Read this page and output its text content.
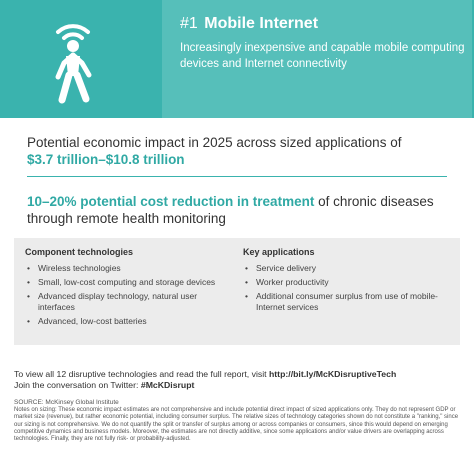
#1 Mobile Internet
Increasingly inexpensive and capable mobile computing devices and Internet connectivity
Potential economic impact in 2025 across sized applications of
$3.7 trillion–$10.8 trillion
10–20% potential cost reduction in treatment of chronic diseases through remote health monitoring
Component technologies
• Wireless technologies
• Small, low-cost computing and storage devices
• Advanced display technology, natural user interfaces
• Advanced, low-cost batteries
Key applications
• Service delivery
• Worker productivity
• Additional consumer surplus from use of mobile-Internet services
To view all 12 disruptive technologies and read the full report, visit http://bit.ly/McKDisruptiveTech
Join the conversation on Twitter: #McKDisrupt
SOURCE: McKinsey Global Institute
Notes on sizing: These economic impact estimates are not comprehensive and include potential direct impact of sized applications only. They do not represent GDP or market size (revenue), but rather economic potential, including consumer surplus. The relative sizes of technology categories shown do not constitute a "ranking," since our sizing is not comprehensive. We do not quantify the split or transfer of surplus among or across companies or consumers, since this would depend on emerging competitive dynamics and business models. Moreover, the estimates are not directly additive, since some applications and/or value drivers are overlapping across technologies. Finally, they are not fully risk- or probability-adjusted.
